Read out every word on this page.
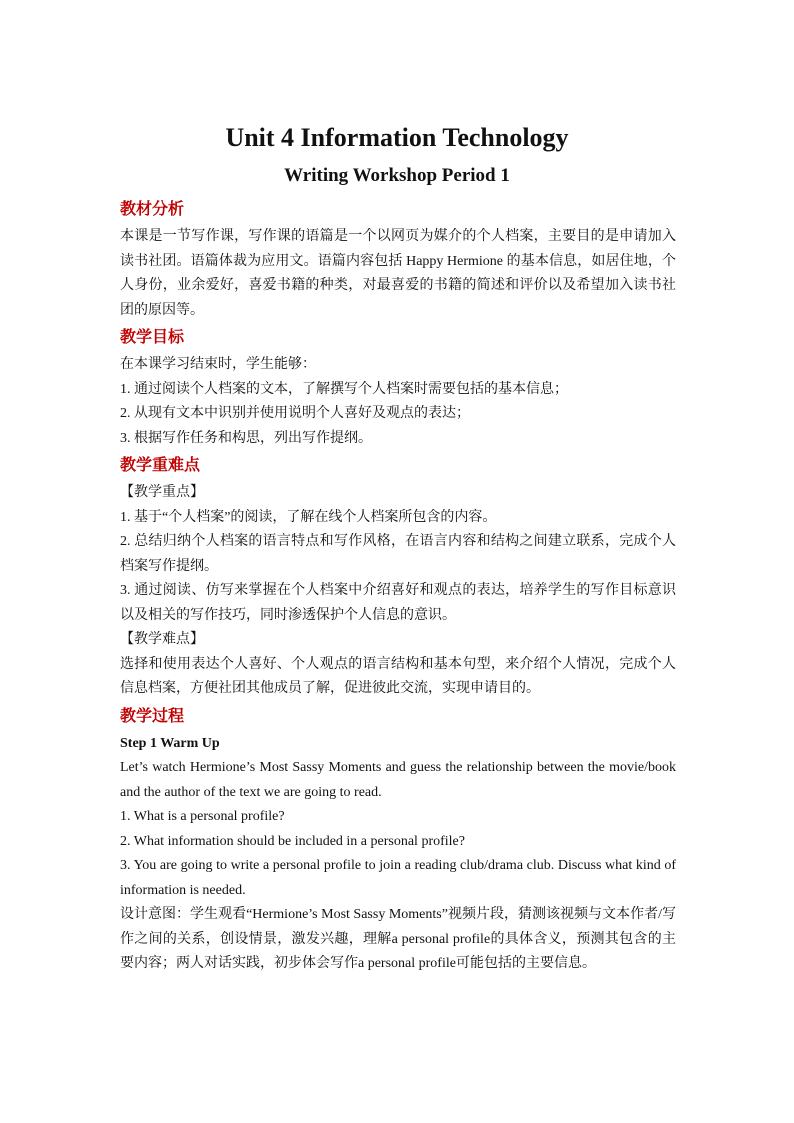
Unit 4 Information Technology
Writing Workshop Period 1
教材分析

本课是一节写作课，写作课的语篇是一个以网页为媒介的个人档案，主要目的是申请加入读书社团。语篇体裁为应用文。语篇内容包括 Happy Hermione 的基本信息，如居住地，个人身份，业余爱好，喜爱书籍的种类，对最喜爱的书籍的简述和评价以及希望加入读书社团的原因等。

教学目标

在本课学习结束时，学生能够：

1. 通过阅读个人档案的文本，了解撰写个人档案时需要包括的基本信息；

2. 从现有文本中识别并使用说明个人喜好及观点的表达；

3. 根据写作任务和构思，列出写作提纲。

教学重难点

【教学重点】

1. 基于“个人档案”的阅读，了解在线个人档案所包含的内容。

2. 总结归纳个人档案的语言特点和写作风格，在语言内容和结构之间建立联系，完成个人档案写作提纲。

3. 通过阅读、仿写来掌握在个人档案中介绍喜好和观点的表达，培养学生的写作目标意识以及相关的写作技巧，同时渗透保护个人信息的意识。

【教学难点】

选择和使用表达个人喜好、个人观点的语言结构和基本句型，来介绍个人情况，完成个人信息档案，方便社团其他成员了解，促进彼此交流，实现申请目的。

教学过程

Step 1 Warm Up

Let’s watch Hermione’s Most Sassy Moments and guess the relationship between the movie/book and the author of the text we are going to read.

1. What is a personal profile?

2. What information should be included in a personal profile?

3. You are going to write a personal profile to join a reading club/drama club. Discuss what kind of information is needed.

设计意图：学生观看“Hermione’s Most Sassy Moments”视频片段，猜测该视频与文本作者/写作之间的关系，创设情景，激发兴趣，理解a personal profile的具体含义，预测其包含的主要内容；两人对话实践，初步体会写作a personal profile可能包括的主要信息。
